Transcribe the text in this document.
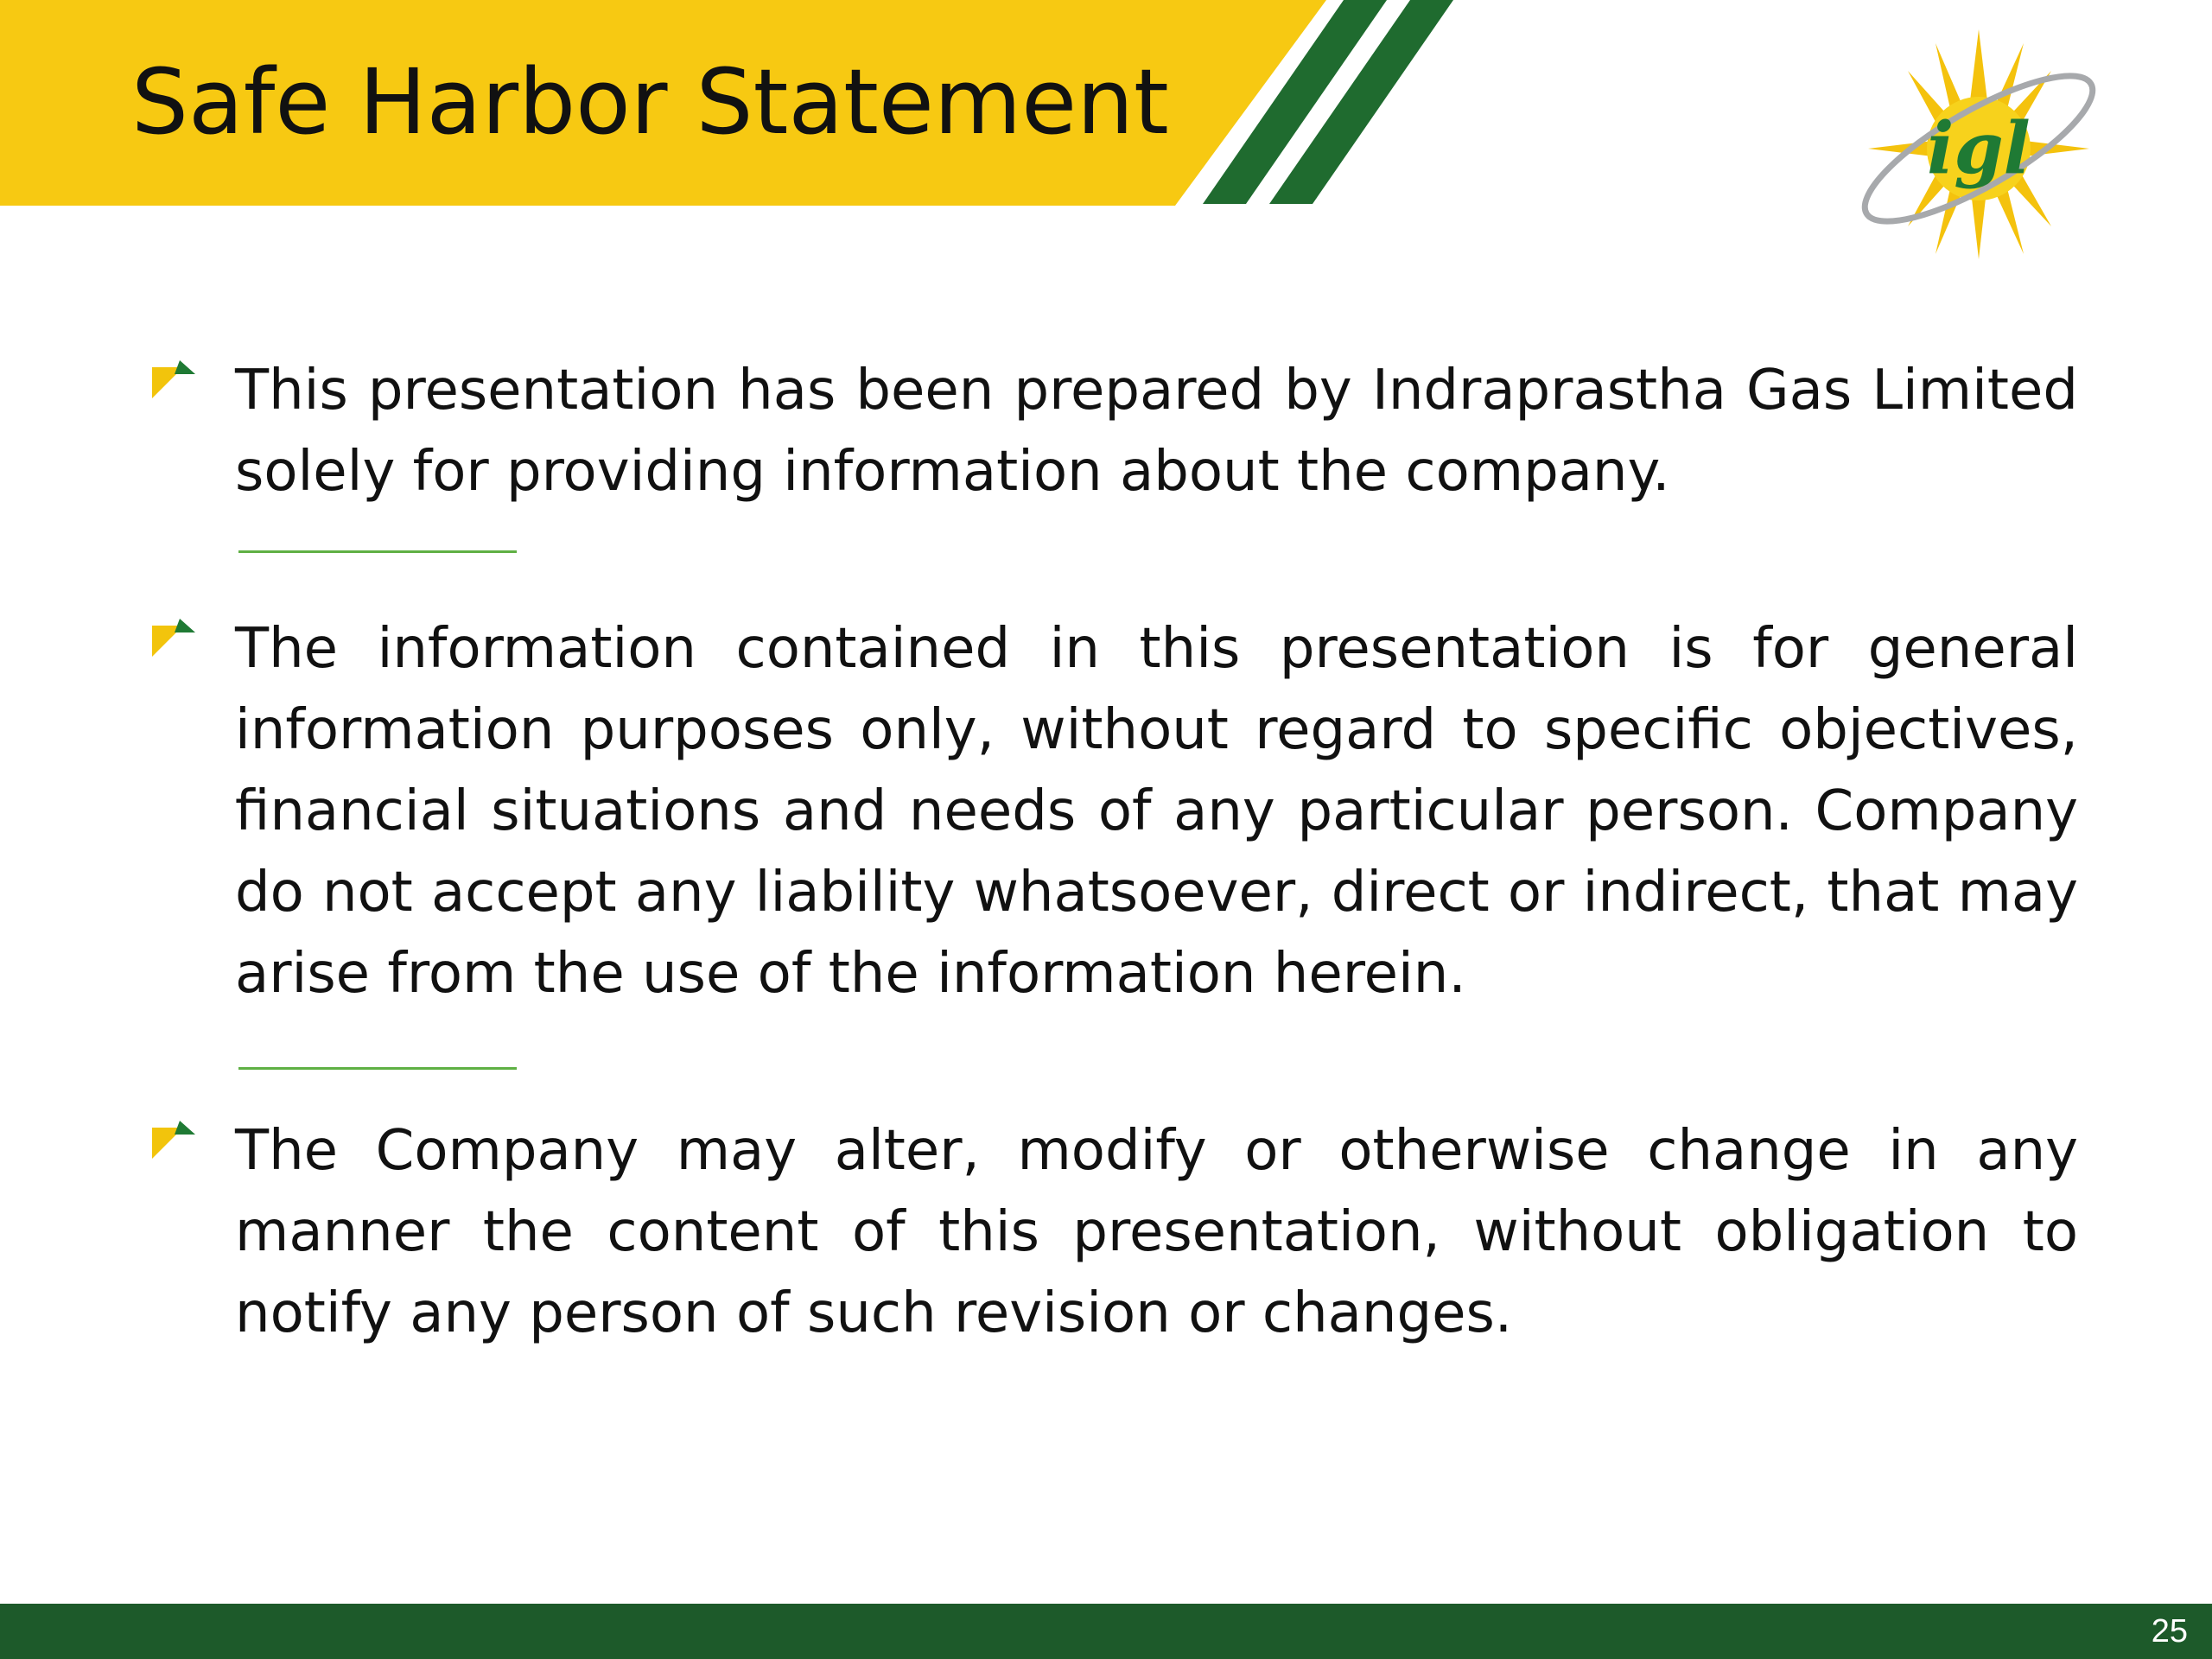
Safe Harbor Statement	igl

This presentation has been prepared by Indraprastha Gas Limited solely for providing information about the company.

The information contained in this presentation is for general information purposes only, without regard to specific objectives, financial situations and needs of any particular person. Company do not accept any liability whatsoever, direct or indirect, that may arise from the use of the information herein.

The Company may alter, modify or otherwise change in any manner the content of this presentation, without obligation to notify any person of such revision or changes.

25
